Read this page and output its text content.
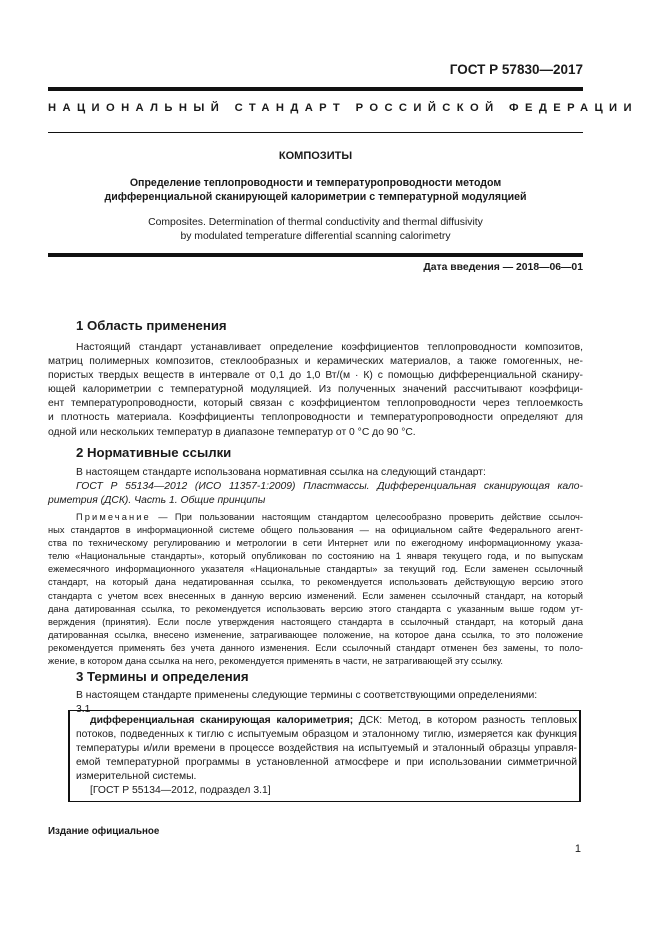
ГОСТ Р 57830—2017
НАЦИОНАЛЬНЫЙ СТАНДАРТ РОССИЙСКОЙ ФЕДЕРАЦИИ
КОМПОЗИТЫ
Определение теплопроводности и температуропроводности методом
дифференциальной сканирующей калориметрии с температурной модуляцией
Composites. Determination of thermal conductivity and thermal diffusivity
by modulated temperature differential scanning calorimetry
Дата введения — 2018—06—01
1 Область применения
Настоящий стандарт устанавливает определение коэффициентов теплопроводности композитов,
матриц полимерных композитов, стеклообразных и керамических материалов, а также гомогенных, не-
пористых твердых веществ в интервале от 0,1 до 1,0 Вт/(м · К) с помощью дифференциальной сканиру-
ющей калориметрии с температурной модуляцией. Из полученных значений рассчитывают коэффици-
ент температуропроводности, который связан с коэффициентом теплопроводности через теплоемкость
и плотность материала. Коэффициенты теплопроводности и температуропроводности определяют для
одной или нескольких температур в диапазоне температур от 0 °С до 90 °С.
2 Нормативные ссылки
В настоящем стандарте использована нормативная ссылка на следующий стандарт:
ГОСТ Р 55134—2012 (ИСО 11357-1:2009) Пластмассы. Дифференциальная сканирующая кало-
риметрия (ДСК). Часть 1. Общие принципы
Примечание — При пользовании настоящим стандартом целесообразно проверить действие ссылоч-
ных стандартов в информационной системе общего пользования — на официальном сайте Федерального агент-
ства по техническому регулированию и метрологии в сети Интернет или по ежегодному информационному указа-
телю «Национальные стандарты», который опубликован по состоянию на 1 января текущего года, и по выпускам
ежемесячного информационного указателя «Национальные стандарты» за текущий год. Если заменен ссылочный
стандарт, на который дана недатированная ссылка, то рекомендуется использовать действующую версию этого
стандарта с учетом всех внесенных в данную версию изменений. Если заменен ссылочный стандарт, на который
дана датированная ссылка, то рекомендуется использовать версию этого стандарта с указанным выше годом ут-
верждения (принятия). Если после утверждения настоящего стандарта в ссылочный стандарт, на который дана
датированная ссылка, внесено изменение, затрагивающее положение, на которое дана ссылка, то это положение
рекомендуется применять без учета данного изменения. Если ссылочный стандарт отменен без замены, то поло-
жение, в котором дана ссылка на него, рекомендуется применять в части, не затрагивающей эту ссылку.
3 Термины и определения
В настоящем стандарте применены следующие термины с соответствующими определениями:
3.1
дифференциальная сканирующая калориметрия; ДСК: Метод, в котором разность тепловых
потоков, подведенных к тиглю с испытуемым образцом и эталонному тиглю, измеряется как функция
температуры и/или времени в процессе воздействия на испытуемый и эталонный образцы управля-
емой температурной программы в установленной атмосфере и при использовании симметричной
измерительной системы.
[ГОСТ Р 55134—2012, подраздел 3.1]
Издание официальное
1
